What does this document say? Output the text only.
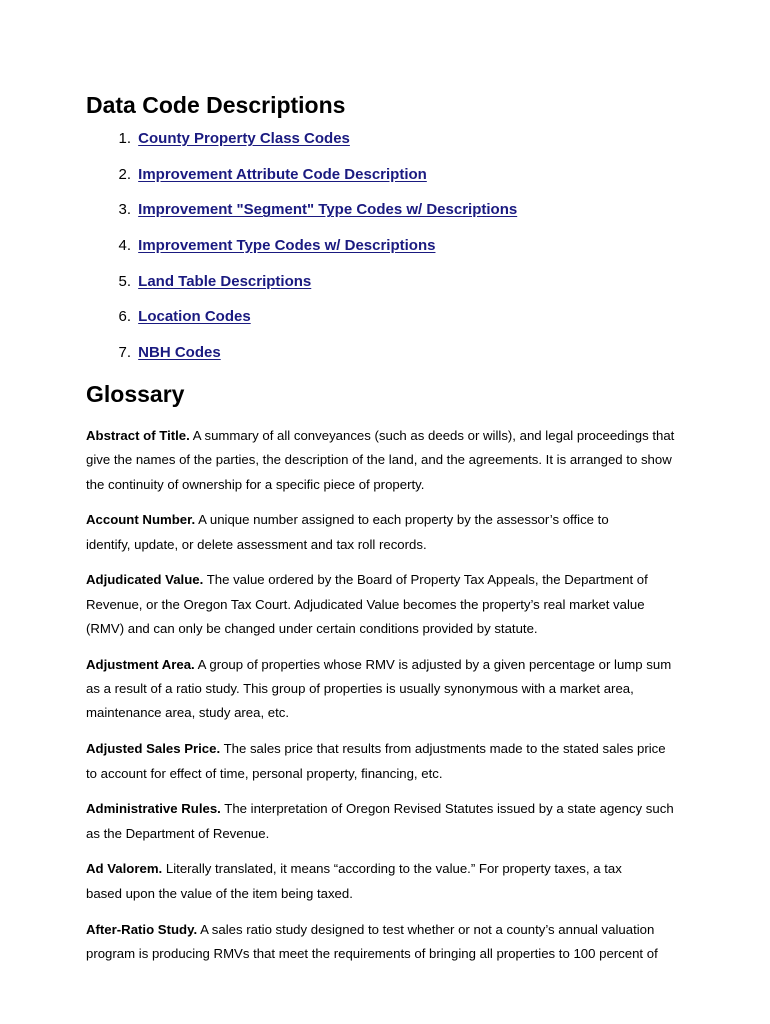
Data Code Descriptions
1. County Property Class Codes
2. Improvement Attribute Code Description
3. Improvement "Segment" Type Codes w/ Descriptions
4. Improvement Type Codes w/ Descriptions
5. Land Table Descriptions
6. Location Codes
7. NBH Codes
Glossary

Abstract of Title. A summary of all conveyances (such as deeds or wills), and legal proceedings that
give the names of the parties, the description of the land, and the agreements. It is arranged to show
the continuity of ownership for a specific piece of property.

Account Number. A unique number assigned to each property by the assessor’s office to
identify, update, or delete assessment and tax roll records.

Adjudicated Value. The value ordered by the Board of Property Tax Appeals, the Department of
Revenue, or the Oregon Tax Court. Adjudicated Value becomes the property’s real market value
(RMV) and can only be changed under certain conditions provided by statute.

Adjustment Area. A group of properties whose RMV is adjusted by a given percentage or lump sum
as a result of a ratio study. This group of properties is usually synonymous with a market area,
maintenance area, study area, etc.

Adjusted Sales Price. The sales price that results from adjustments made to the stated sales price
to account for effect of time, personal property, financing, etc.

Administrative Rules. The interpretation of Oregon Revised Statutes issued by a state agency such
as the Department of Revenue.

Ad Valorem. Literally translated, it means “according to the value.” For property taxes, a tax
based upon the value of the item being taxed.

After-Ratio Study. A sales ratio study designed to test whether or not a county’s annual valuation
program is producing RMVs that meet the requirements of bringing all properties to 100 percent of
